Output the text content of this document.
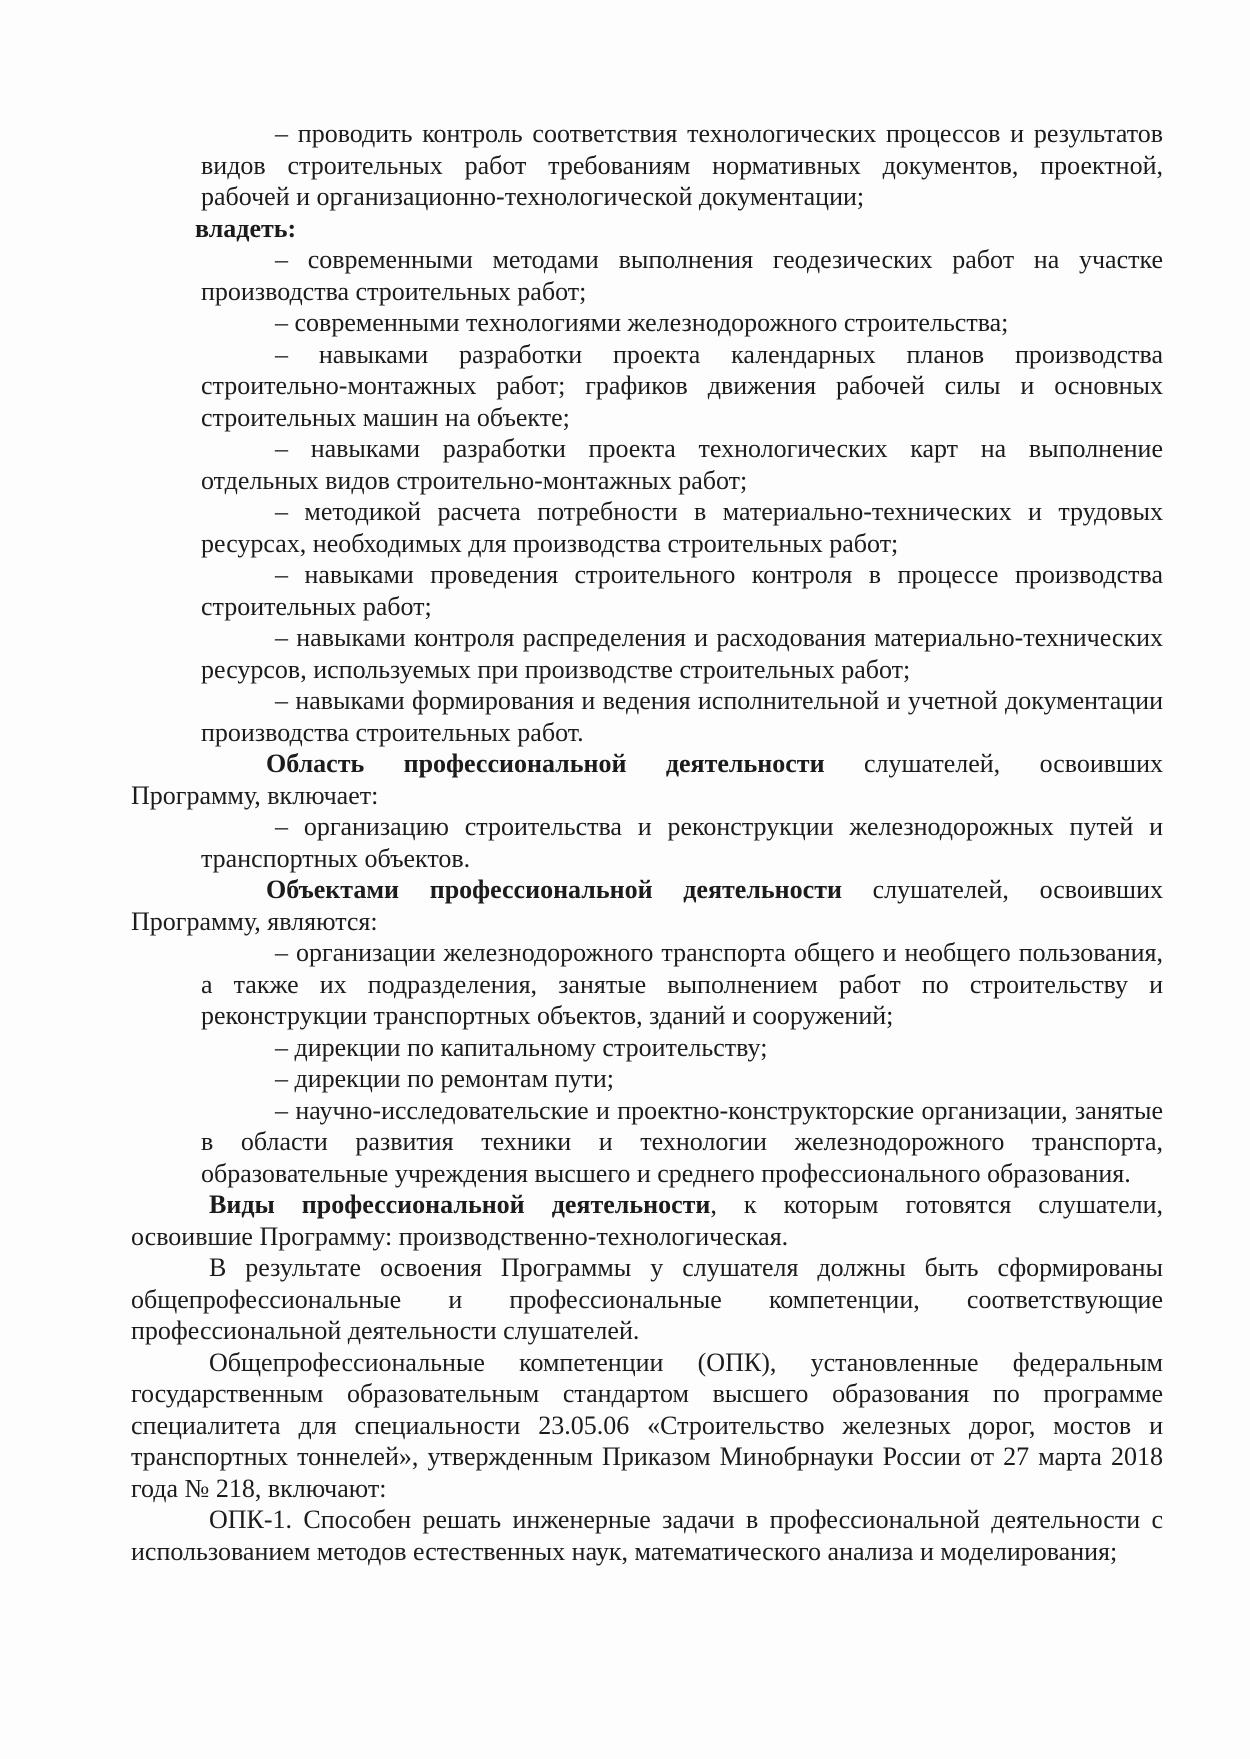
– проводить контроль соответствия технологических процессов и результатов видов строительных работ требованиям нормативных документов, проектной, рабочей и организационно-технологической документации;

владеть:

– современными методами выполнения геодезических работ на участке производства строительных работ;

– современными технологиями железнодорожного строительства;

– навыками разработки проекта календарных планов производства строительно-монтажных работ; графиков движения рабочей силы и основных строительных машин на объекте;

– навыками разработки проекта технологических карт на выполнение отдельных видов строительно-монтажных работ;

– методикой расчета потребности в материально-технических и трудовых ресурсах, необходимых для производства строительных работ;

– навыками проведения строительного контроля в процессе производства строительных работ;

– навыками контроля распределения и расходования материально-технических ресурсов, используемых при производстве строительных работ;

– навыками формирования и ведения исполнительной и учетной документации производства строительных работ.

Область профессиональной деятельности слушателей, освоивших Программу, включает:

– организацию строительства и реконструкции железнодорожных путей и транспортных объектов.

Объектами профессиональной деятельности слушателей, освоивших Программу, являются:

– организации железнодорожного транспорта общего и необщего пользования, а также их подразделения, занятые выполнением работ по строительству и реконструкции транспортных объектов, зданий и сооружений;

– дирекции по капитальному строительству;

– дирекции по ремонтам пути;

– научно-исследовательские и проектно-конструкторские организации, занятые в области развития техники и технологии железнодорожного транспорта, образовательные учреждения высшего и среднего профессионального образования.

Виды профессиональной деятельности, к которым готовятся слушатели, освоившие Программу: производственно-технологическая.

В результате освоения Программы у слушателя должны быть сформированы общепрофессиональные и профессиональные компетенции, соответствующие профессиональной деятельности слушателей.

Общепрофессиональные компетенции (ОПК), установленные федеральным государственным образовательным стандартом высшего образования по программе специалитета для специальности 23.05.06 «Строительство железных дорог, мостов и транспортных тоннелей», утвержденным Приказом Минобрнауки России от 27 марта 2018 года № 218, включают:

ОПК-1. Способен решать инженерные задачи в профессиональной деятельности с использованием методов естественных наук, математического анализа и моделирования;
